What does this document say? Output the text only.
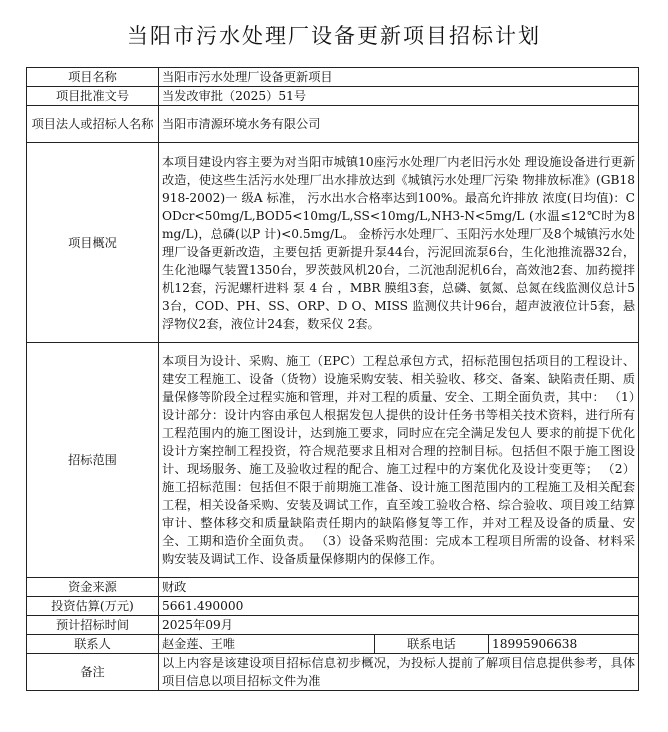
当阳市污水处理厂设备更新项目招标计划
项目名称	当阳市污水处理厂设备更新项目		
项目批准文号	当发改审批（2025）51号		
项目法人或招标人名称	当阳市清源环境水务有限公司		
项目概况	本项目建设内容主要为对当阳市城镇10座污水处理厂内老旧污水处 理设施设备进行更新改造，使这些生活污水处理厂出水排放达到《城镇污水处理厂污染 物排放标准》(GB18918-2002)一 级A 标准， 污水出水合格率达到100%。最高允许排放 浓度(日均值)：CODcr<50mg/L,BOD5<10mg/L,SS<10mg/L,NH3-N<5mg/L (水温≤12℃时为8mg/L)，总磷(以P 计)<0.5mg/L。 金桥污水处理厂、玉阳污水处理厂及8个城镇污水处理厂设备更新改造，主要包括 更新提升泵44台，污泥回流泵6台，生化池推流器32台，生化池曝气装置1350台，罗茨鼓风机20台，二沉池刮泥机6台，高效池2套、加药搅拌机12套，污泥螺杆进料 泵 4 台 ，MBR 膜组3套，总磷、氨氮、总氮在线监测仪总计53台，COD、PH、SS、ORP、D O、MISS 监测仪共计96台，超声波液位计5套，悬浮物仪2套，液位计24套，数采仪 2套。		
招标范围	本项目为设计、采购、施工（EPC）工程总承包方式，招标范围包括项目的工程设计、建安工程施工、设备（货物）设施采购安装、相关验收、移交、备案、缺陷责任期、质量保修等阶段全过程实施和管理，并对工程的质量、安全、工期全面负责，其中： （1）设计部分：设计内容由承包人根据发包人提供的设计任务书等相关技术资料，进行所有工程范围内的施工图设计，达到施工要求，同时应在完全满足发包人 要求的前提下优化设计方案控制工程投资，符合规范要求且相对合理的控制目标。包括但不限于施工图设计、现场服务、施工及验收过程的配合、施工过程中的方案优化及设计变更等； （2）施工招标范围：包括但不限于前期施工准备、设计施工图范围内的工程施工及相关配套工程，相关设备采购、安装及调试工作，直至竣工验收合格、综合验收、项目竣工结算审计、整体移交和质量缺陷责任期内的缺陷修复等工作，并对工程及设备的质量、安全、工期和造价全面负责。 （3）设备采购范围：完成本工程项目所需的设备、材料采购安装及调试工作、设备质量保修期内的保修工作。		
资金来源	财政		
投资估算(万元)	5661.490000		
预计招标时间	2025年09月		
联系人	赵金莲、王唯	联系电话	18995906638
备注	以上内容是该建设项目招标信息初步概况，为投标人提前了解项目信息提供参考，具体项目信息以项目招标文件为准		
